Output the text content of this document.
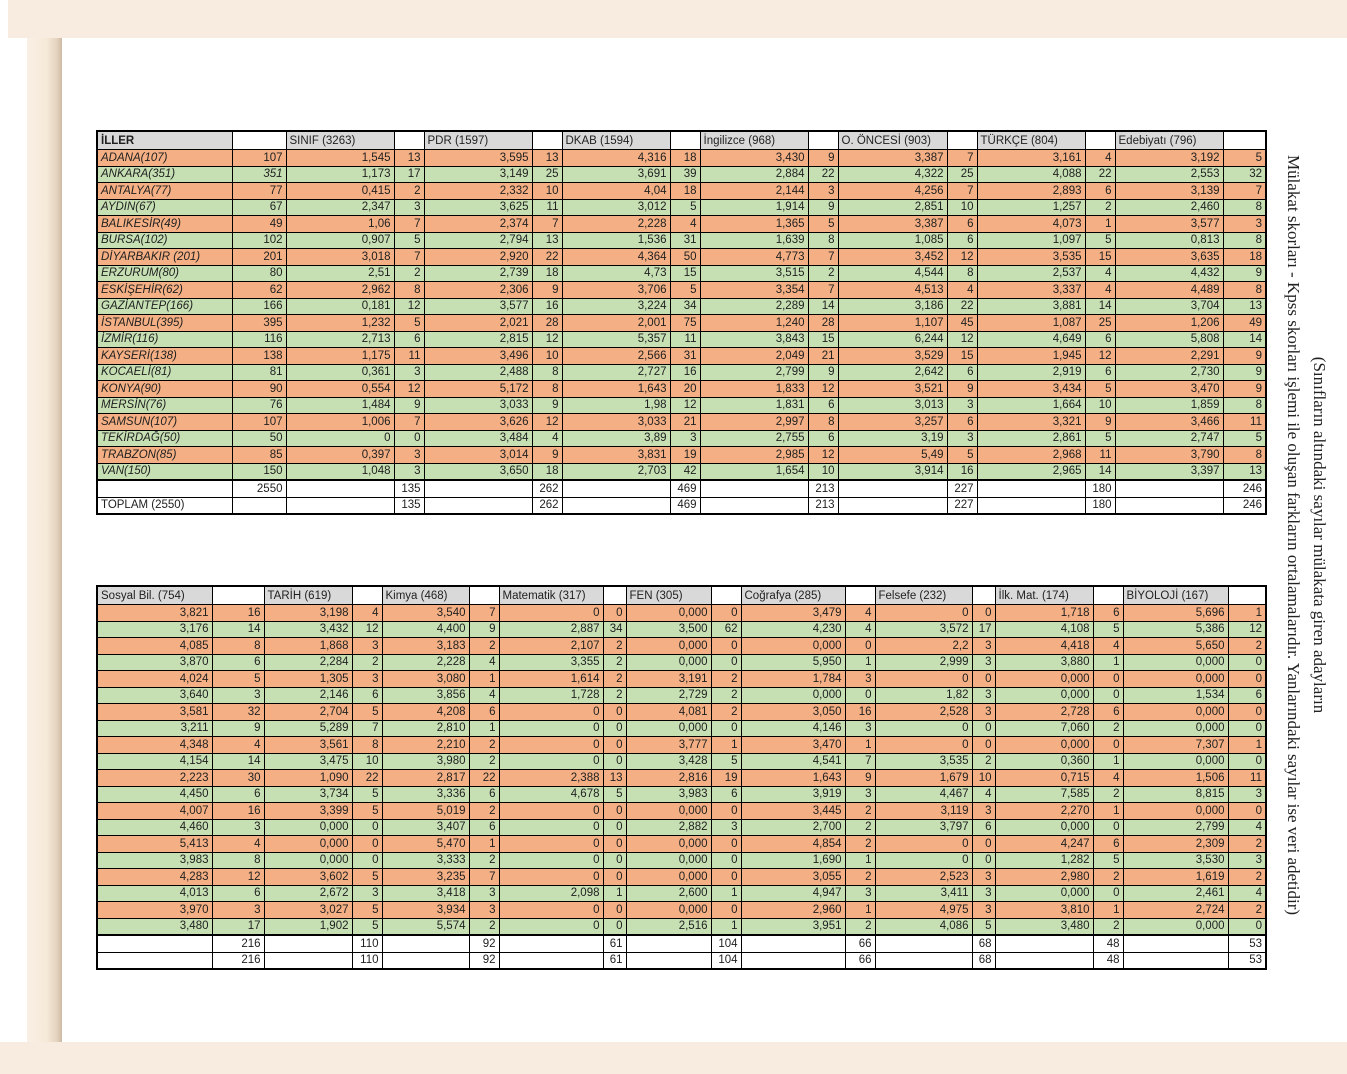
İLLER		SINIF (3263)		PDR (1597)		DKAB (1594)		İngilizce (968)		O. ÖNCESİ (903)		TÜRKÇE (804)		Edebiyatı (796)	
ADANA(107)	107	1,545	13	3,595	13	4,316	18	3,430	9	3,387	7	3,161	4	3,192	5
ANKARA(351)	351	1,173	17	3,149	25	3,691	39	2,884	22	4,322	25	4,088	22	2,553	32
ANTALYA(77)	77	0,415	2	2,332	10	4,04	18	2,144	3	4,256	7	2,893	6	3,139	7
AYDIN(67)	67	2,347	3	3,625	11	3,012	5	1,914	9	2,851	10	1,257	2	2,460	8
BALIKESİR(49)	49	1,06	7	2,374	7	2,228	4	1,365	5	3,387	6	4,073	1	3,577	3
BURSA(102)	102	0,907	5	2,794	13	1,536	31	1,639	8	1,085	6	1,097	5	0,813	8
DİYARBAKIR (201)	201	3,018	7	2,920	22	4,364	50	4,773	7	3,452	12	3,535	15	3,635	18
ERZURUM(80)	80	2,51	2	2,739	18	4,73	15	3,515	2	4,544	8	2,537	4	4,432	9
ESKİŞEHİR(62)	62	2,962	8	2,306	9	3,706	5	3,354	7	4,513	4	3,337	4	4,489	8
GAZİANTEP(166)	166	0,181	12	3,577	16	3,224	34	2,289	14	3,186	22	3,881	14	3,704	13
İSTANBUL(395)	395	1,232	5	2,021	28	2,001	75	1,240	28	1,107	45	1,087	25	1,206	49
İZMİR(116)	116	2,713	6	2,815	12	5,357	11	3,843	15	6,244	12	4,649	6	5,808	14
KAYSERİ(138)	138	1,175	11	3,496	10	2,566	31	2,049	21	3,529	15	1,945	12	2,291	9
KOCAELİ(81)	81	0,361	3	2,488	8	2,727	16	2,799	9	2,642	6	2,919	6	2,730	9
KONYA(90)	90	0,554	12	5,172	8	1,643	20	1,833	12	3,521	9	3,434	5	3,470	9
MERSİN(76)	76	1,484	9	3,033	9	1,98	12	1,831	6	3,013	3	1,664	10	1,859	8
SAMSUN(107)	107	1,006	7	3,626	12	3,033	21	2,997	8	3,257	6	3,321	9	3,466	11
TEKİRDAĞ(50)	50	0	0	3,484	4	3,89	3	2,755	6	3,19	3	2,861	5	2,747	5
TRABZON(85)	85	0,397	3	3,014	9	3,831	19	2,985	12	5,49	5	2,968	11	3,790	8
VAN(150)	150	1,048	3	3,650	18	2,703	42	1,654	10	3,914	16	2,965	14	3,397	13
	2550		135		262		469		213		227		180		246
TOPLAM (2550)			135		262		469		213		227		180		246
Sosyal Bil. (754)		TARİH (619)		Kimya (468)		Matematik (317)		FEN (305)		Coğrafya (285)		Felsefe (232)		İlk. Mat. (174)		BİYOLOJİ (167)	
3,821	16	3,198	4	3,540	7	0	0	0,000	0	3,479	4	0	0	1,718	6	5,696	1
3,176	14	3,432	12	4,400	9	2,887	34	3,500	62	4,230	4	3,572	17	4,108	5	5,386	12
4,085	8	1,868	3	3,183	2	2,107	2	0,000	0	0,000	0	2,2	3	4,418	4	5,650	2
3,870	6	2,284	2	2,228	4	3,355	2	0,000	0	5,950	1	2,999	3	3,880	1	0,000	0
4,024	5	1,305	3	3,080	1	1,614	2	3,191	2	1,784	3	0	0	0,000	0	0,000	0
3,640	3	2,146	6	3,856	4	1,728	2	2,729	2	0,000	0	1,82	3	0,000	0	1,534	6
3,581	32	2,704	5	4,208	6	0	0	4,081	2	3,050	16	2,528	3	2,728	6	0,000	0
3,211	9	5,289	7	2,810	1	0	0	0,000	0	4,146	3	0	0	7,060	2	0,000	0
4,348	4	3,561	8	2,210	2	0	0	3,777	1	3,470	1	0	0	0,000	0	7,307	1
4,154	14	3,475	10	3,980	2	0	0	3,428	5	4,541	7	3,535	2	0,360	1	0,000	0
2,223	30	1,090	22	2,817	22	2,388	13	2,816	19	1,643	9	1,679	10	0,715	4	1,506	11
4,450	6	3,734	5	3,336	6	4,678	5	3,983	6	3,919	3	4,467	4	7,585	2	8,815	3
4,007	16	3,399	5	5,019	2	0	0	0,000	0	3,445	2	3,119	3	2,270	1	0,000	0
4,460	3	0,000	0	3,407	6	0	0	2,882	3	2,700	2	3,797	6	0,000	0	2,799	4
5,413	4	0,000	0	5,470	1	0	0	0,000	0	4,854	2	0	0	4,247	6	2,309	2
3,983	8	0,000	0	3,333	2	0	0	0,000	0	1,690	1	0	0	1,282	5	3,530	3
4,283	12	3,602	5	3,235	7	0	0	0,000	0	3,055	2	2,523	3	2,980	2	1,619	2
4,013	6	2,672	3	3,418	3	2,098	1	2,600	1	4,947	3	3,411	3	0,000	0	2,461	4
3,970	3	3,027	5	3,934	3	0	0	0,000	0	2,960	1	4,975	3	3,810	1	2,724	2
3,480	17	1,902	5	5,574	2	0	0	2,516	1	3,951	2	4,086	5	3,480	2	0,000	0
	216		110		92		61		104		66		68		48		53
	216		110		92		61		104		66		68		48		53
(Sınıfların altındaki sayılar mülakata giren adayların
Mülakat skorları - Kpss skorları işlemi ile oluşan farkların ortalamalarıdır. Yanlarındaki sayılar ise veri adetidir)
